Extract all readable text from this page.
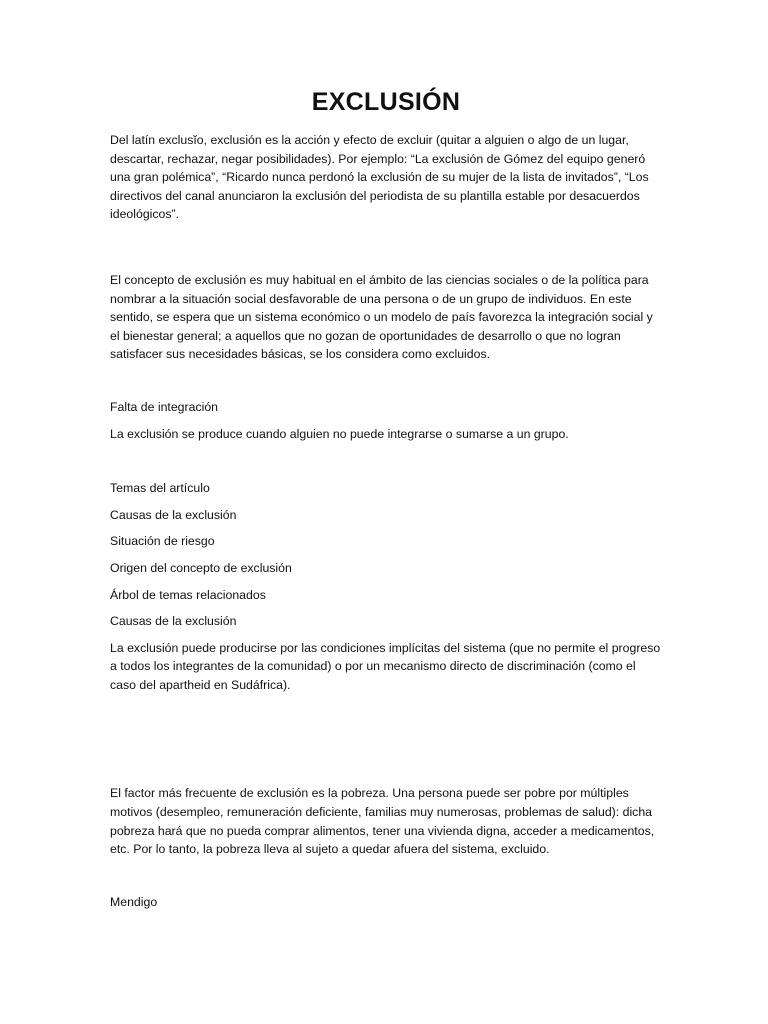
EXCLUSIÓN

Del latín exclusĭo, exclusión es la acción y efecto de excluir (quitar a alguien o algo de un lugar, descartar, rechazar, negar posibilidades). Por ejemplo: “La exclusión de Gómez del equipo generó una gran polémica”, “Ricardo nunca perdonó la exclusión de su mujer de la lista de invitados”, “Los directivos del canal anunciaron la exclusión del periodista de su plantilla estable por desacuerdos ideológicos”.

El concepto de exclusión es muy habitual en el ámbito de las ciencias sociales o de la política para nombrar a la situación social desfavorable de una persona o de un grupo de individuos. En este sentido, se espera que un sistema económico o un modelo de país favorezca la integración social y el bienestar general; a aquellos que no gozan de oportunidades de desarrollo o que no logran satisfacer sus necesidades básicas, se los considera como excluidos.

Falta de integración

La exclusión se produce cuando alguien no puede integrarse o sumarse a un grupo.

Temas del artículo

Causas de la exclusión

Situación de riesgo

Origen del concepto de exclusión

Árbol de temas relacionados

Causas de la exclusión

La exclusión puede producirse por las condiciones implícitas del sistema (que no permite el progreso a todos los integrantes de la comunidad) o por un mecanismo directo de discriminación (como el caso del apartheid en Sudáfrica).

El factor más frecuente de exclusión es la pobreza. Una persona puede ser pobre por múltiples motivos (desempleo, remuneración deficiente, familias muy numerosas, problemas de salud): dicha pobreza hará que no pueda comprar alimentos, tener una vivienda digna, acceder a medicamentos, etc. Por lo tanto, la pobreza lleva al sujeto a quedar afuera del sistema, excluido.

Mendigo
